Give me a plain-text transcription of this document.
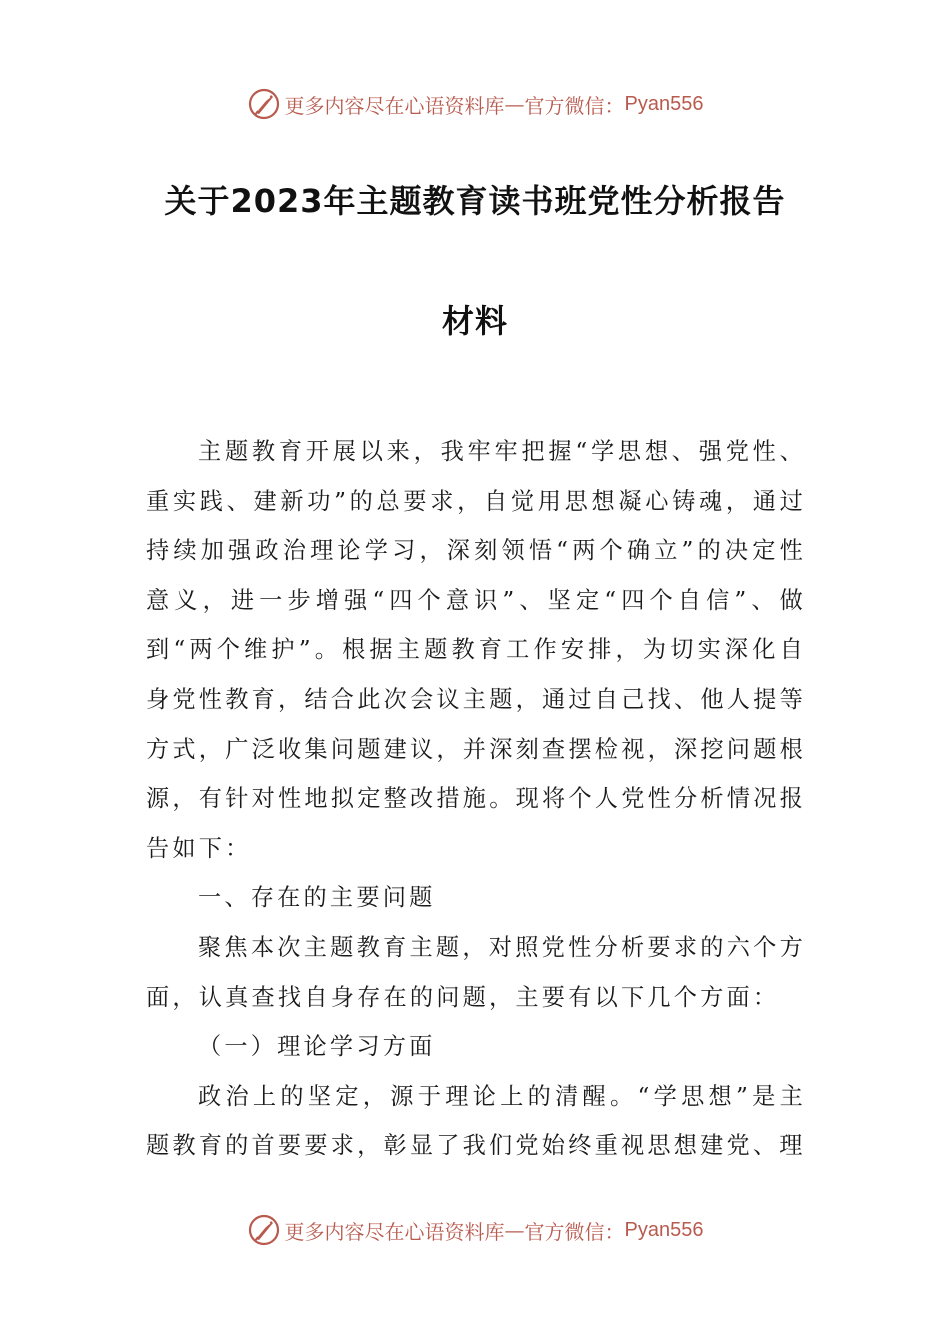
更多内容尽在心语资料库 — 官方微信： Pyan556
关于2023年主题教育读书班党性分析报告
材料

主题教育开展以来，我牢牢把握“学思想、强党性、重实践、建新功”的总要求，自觉用思想凝心铸魂，通过持续加强政治理论学习，深刻领悟“两个确立”的决定性意义，进一步增强“四个意识”、坚定“四个自信”、做到“两个维护”。根据主题教育工作安排，为切实深化自身党性教育，结合此次会议主题，通过自己找、他人提等方式，广泛收集问题建议，并深刻查摆检视，深挖问题根源，有针对性地拟定整改措施。现将个人党性分析情况报告如下：

一、存在的主要问题

聚焦本次主题教育主题，对照党性分析要求的六个方面，认真查找自身存在的问题，主要有以下几个方面：

（一）理论学习方面

政治上的坚定，源于理论上的清醒。“学思想”是主题教育的首要要求，彰显了我们党始终重视思想建党、理

更多内容尽在心语资料库 — 官方微信： Pyan556
